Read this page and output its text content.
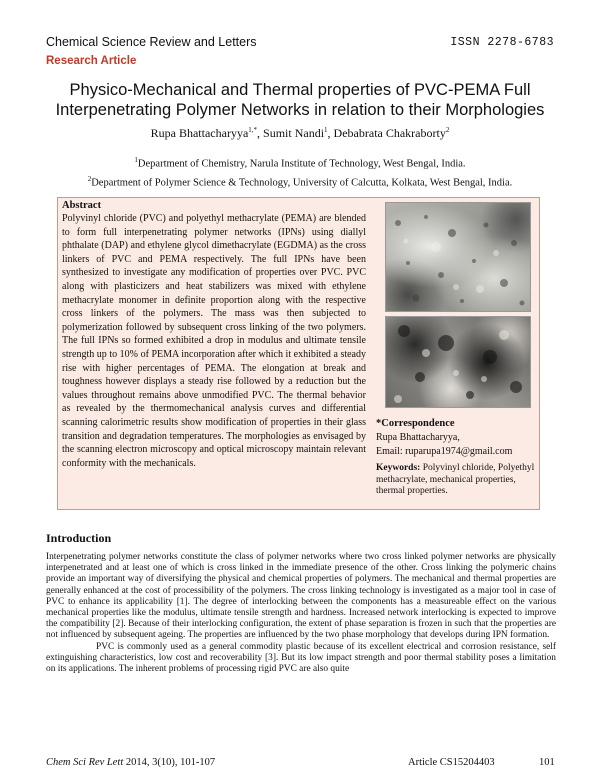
Chemical Science Review and Letters	ISSN 2278-6783
Research Article
Physico-Mechanical and Thermal properties of PVC-PEMA Full Interpenetrating Polymer Networks in relation to their Morphologies
Rupa Bhattacharyya$^{1,*}$, Sumit Nandi$^1$, Debabrata Chakraborty$^2$

$^1$Department of Chemistry, Narula Institute of Technology, West Bengal, India.

$^2$Department of Polymer Science & Technology, University of Calcutta, Kolkata, West Bengal, India.

Abstract

Polyvinyl chloride (PVC) and polyethyl methacrylate (PEMA) are blended to form full interpenetrating polymer networks (IPNs) using diallyl phthalate (DAP) and ethylene glycol dimethacrylate (EGDMA) as the cross linkers of PVC and PEMA respectively. The full IPNs have been synthesized to investigate any modification of properties over PVC. PVC along with plasticizers and heat stabilizers was mixed with ethylene methacrylate monomer in definite proportion along with the respective cross linkers of the polymers. The mass was then subjected to polymerization followed by subsequent cross linking of the two polymers. The full IPNs so formed exhibited a drop in modulus and ultimate tensile strength up to 10% of PEMA incorporation after which it exhibited a steady rise with higher percentages of PEMA. The elongation at break and toughness however displays a steady rise followed by a reduction but the values throughout remains above unmodified PVC. The thermal behavior as revealed by the thermomechanical analysis curves and differential scanning calorimetric results show modification of properties in their glass transition and degradation temperatures. The morphologies as envisaged by the scanning electron microscopy and optical microscopy maintain relevant conformity with the mechanicals.

*Correspondence
Rupa Bhattacharyya,
Email: ruparupa1974@gmail.com

Keywords: Polyvinyl chloride, Polyethyl methacrylate, mechanical properties, thermal properties.

Introduction

Interpenetrating polymer networks constitute the class of polymer networks where two cross linked polymer networks are physically interpenetrated and at least one of which is cross linked in the immediate presence of the other. Cross linking the polymeric chains provide an important way of diversifying the physical and chemical properties of polymers. The mechanical and thermal properties are generally enhanced at the cost of processibility of the polymers. The cross linking technology is investigated as a major tool in case of PVC to enhance its applicability [1]. The degree of interlocking between the components has a measureable effect on the various mechanical properties like the modulus, ultimate tensile strength and hardness. Increased network interlocking is expected to improve the compatibility [2]. Because of their interlocking configuration, the extent of phase separation is frozen in such that the properties are not influenced by subsequent ageing. The properties are influenced by the two phase morphology that develops during IPN formation.

PVC is commonly used as a general commodity plastic because of its excellent electrical and corrosion resistance, self extinguishing characteristics, low cost and recoverability [3]. But its low impact strength and poor thermal stability poses a limitation on its applications. The inherent problems of processing rigid PVC are also quite

Chem Sci Rev Lett 2014, 3(10), 101-107	Article CS15204403	101
